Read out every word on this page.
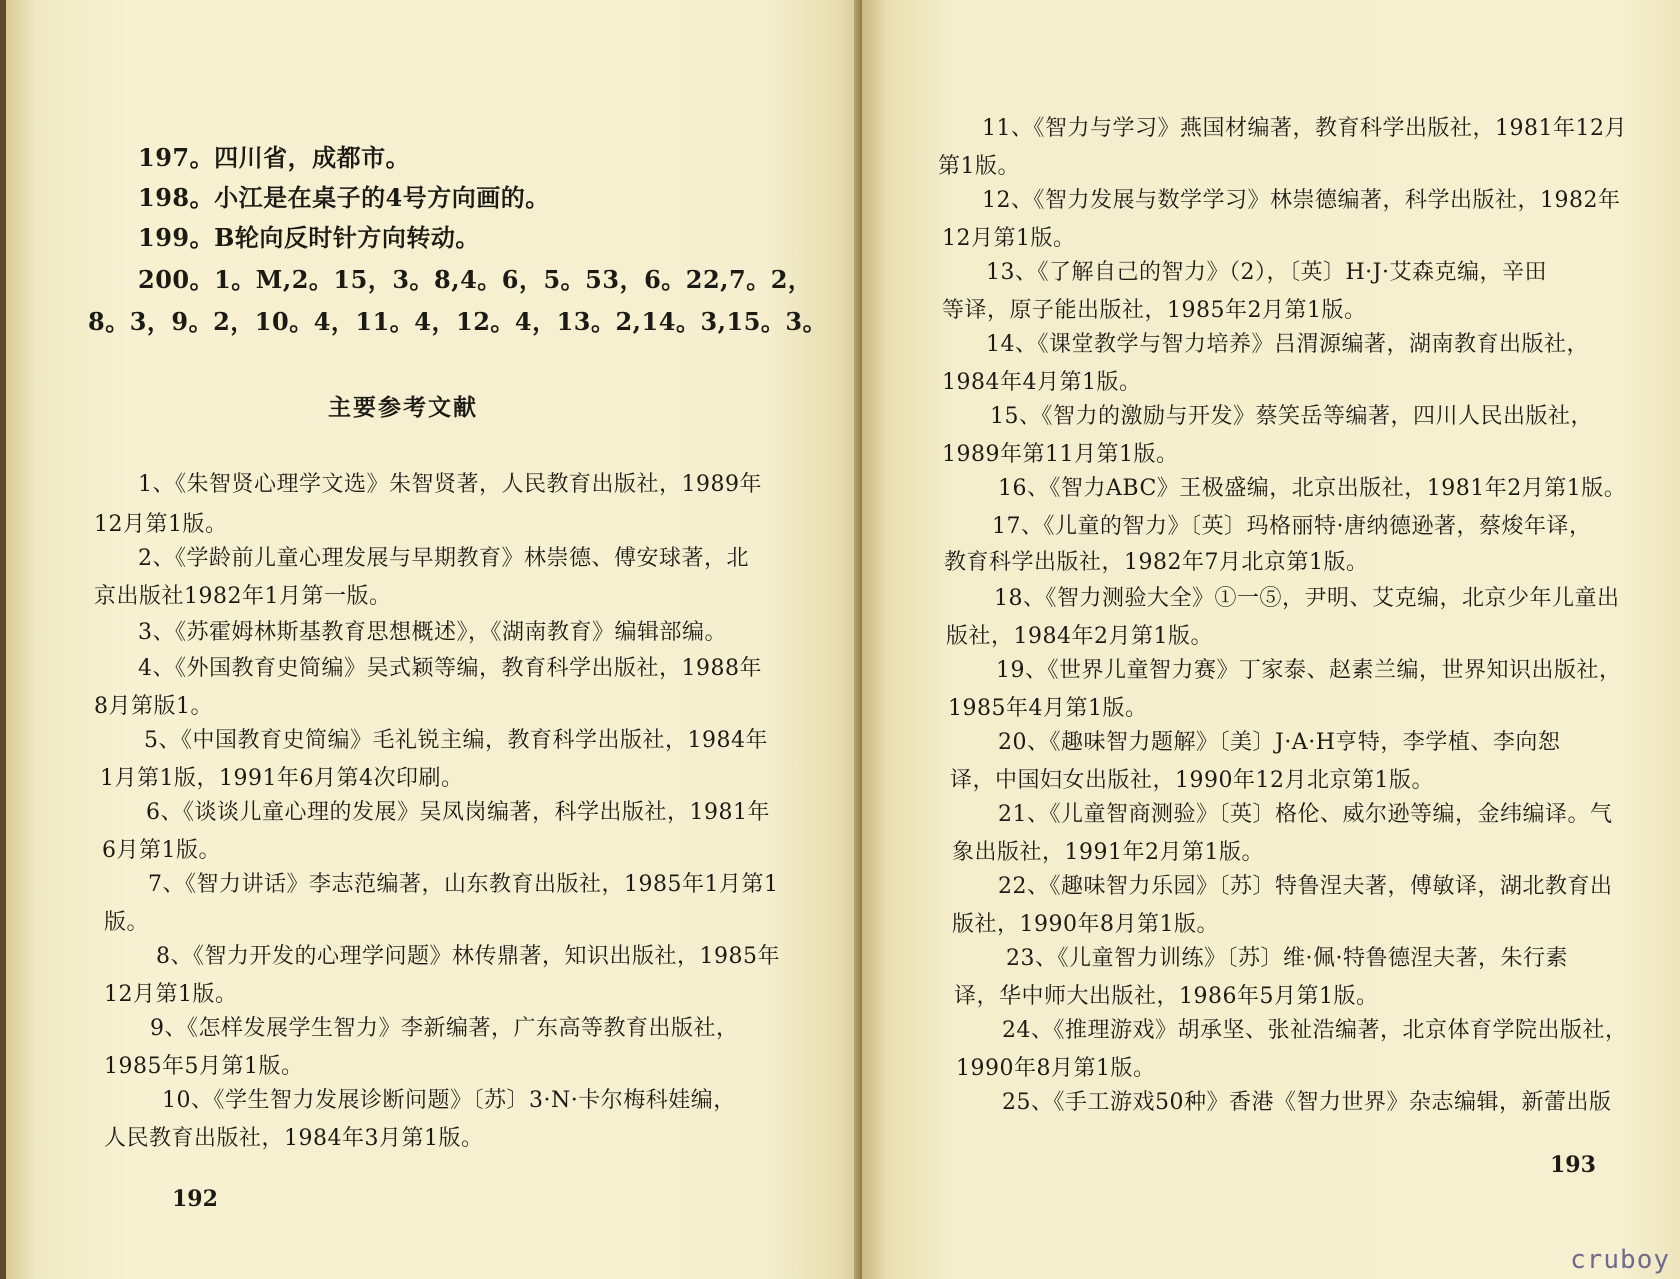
197。四川省，成都市。
198。小江是在桌子的4号方向画的。
199。B轮向反时针方向转动。
200。1。M,2。15，3。8,4。6，5。53，6。22,7。2，
8。3，9。2，10。4，11。4，12。4，13。2,14。3,15。3。
主要参考文献
1、《朱智贤心理学文选》朱智贤著，人民教育出版社，1989年
12月第1版。
2、《学龄前儿童心理发展与早期教育》林崇德、傅安球著，北
京出版社1982年1月第一版。
3、《苏霍姆林斯基教育思想概述》，《湖南教育》编辑部编。
4、《外国教育史简编》吴式颖等编，教育科学出版社，1988年
8月第版1。
5、《中国教育史简编》毛礼锐主编，教育科学出版社，1984年
1月第1版，1991年6月第4次印刷。
6、《谈谈儿童心理的发展》吴凤岗编著，科学出版社，1981年
6月第1版。
7、《智力讲话》李志范编著，山东教育出版社，1985年1月第1
版。
8、《智力开发的心理学问题》林传鼎著，知识出版社，1985年
12月第1版。
9、《怎样发展学生智力》李新编著，广东高等教育出版社，
1985年5月第1版。
10、《学生智力发展诊断问题》〔苏〕3·N·卡尔梅科娃编，
人民教育出版社，1984年3月第1版。
192
11、《智力与学习》燕国材编著，教育科学出版社，1981年12月
第1版。
12、《智力发展与数学学习》林崇德编著，科学出版社，1982年
12月第1版。
13、《了解自己的智力》（2），〔英〕H·J·艾森克编，辛田
等译，原子能出版社，1985年2月第1版。
14、《课堂教学与智力培养》吕渭源编著，湖南教育出版社，
1984年4月第1版。
15、《智力的激励与开发》蔡笑岳等编著，四川人民出版社，
1989年第11月第1版。
16、《智力ABC》王极盛编，北京出版社，1981年2月第1版。
17、《儿童的智力》〔英〕玛格丽特·唐纳德逊著，蔡焌年译，
教育科学出版社，1982年7月北京第1版。
18、《智力测验大全》①一⑤，尹明、艾克编，北京少年儿童出
版社，1984年2月第1版。
19、《世界儿童智力赛》丁家泰、赵素兰编，世界知识出版社，
1985年4月第1版。
20、《趣味智力题解》〔美〕J·A·H亨特，李学植、李向恕
译，中国妇女出版社，1990年12月北京第1版。
21、《儿童智商测验》〔英〕格伦、威尔逊等编，金纬编译。气
象出版社，1991年2月第1版。
22、《趣味智力乐园》〔苏〕特鲁涅夫著，傅敏译，湖北教育出
版社，1990年8月第1版。
23、《儿童智力训练》〔苏〕维·佩·特鲁德涅夫著，朱行素
译，华中师大出版社，1986年5月第1版。
24、《推理游戏》胡承坚、张祉浩编著，北京体育学院出版社，
1990年8月第1版。
25、《手工游戏50种》香港《智力世界》杂志编辑，新蕾出版
193
cruboy
